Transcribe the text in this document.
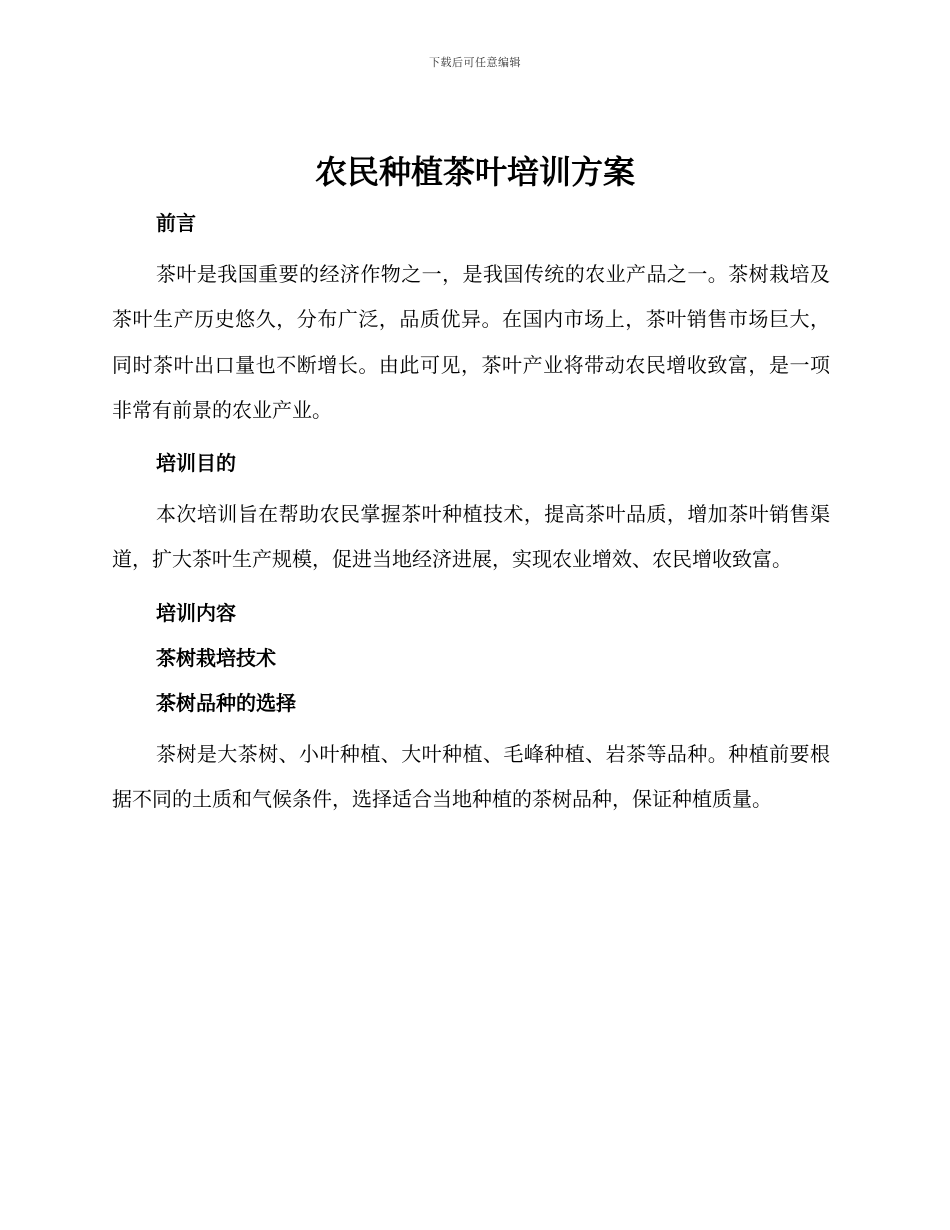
下载后可任意编辑
农民种植茶叶培训方案
前言

茶叶是我国重要的经济作物之一，是我国传统的农业产品之一。茶树栽培及茶叶生产历史悠久，分布广泛，品质优异。在国内市场上，茶叶销售市场巨大，同时茶叶出口量也不断增长。由此可见，茶叶产业将带动农民增收致富，是一项非常有前景的农业产业。

培训目的

本次培训旨在帮助农民掌握茶叶种植技术，提高茶叶品质，增加茶叶销售渠道，扩大茶叶生产规模，促进当地经济进展，实现农业增效、农民增收致富。

培训内容
茶树栽培技术
茶树品种的选择

茶树是大茶树、小叶种植、大叶种植、毛峰种植、岩茶等品种。种植前要根据不同的土质和气候条件，选择适合当地种植的茶树品种，保证种植质量。
